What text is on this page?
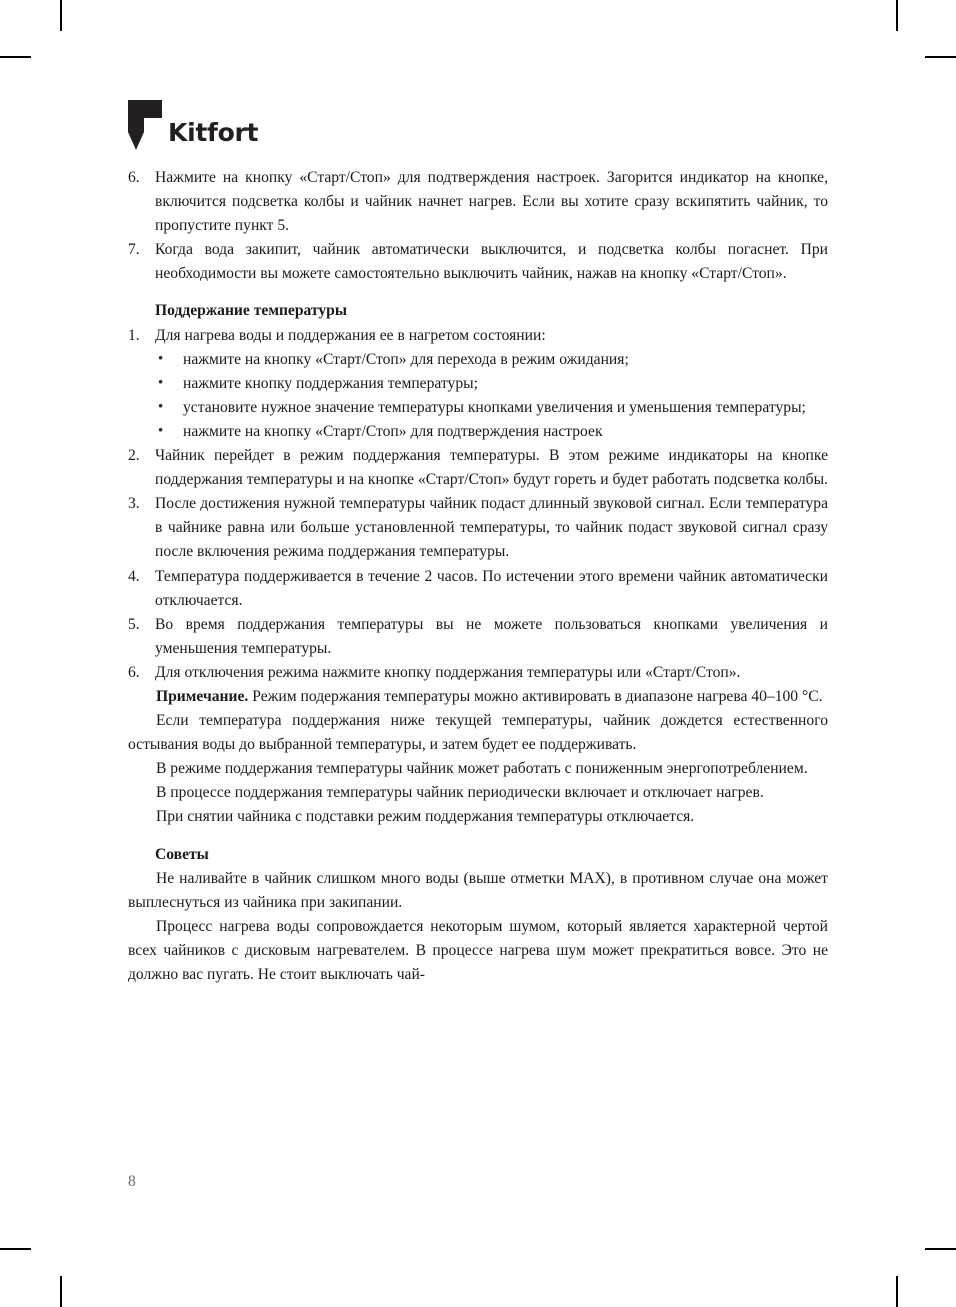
Kitfort
6. Нажмите на кнопку «Старт/Стоп» для подтверждения настроек. Загорится индикатор на кнопке, включится подсветка колбы и чайник начнет нагрев. Если вы хотите сразу вскипятить чайник, то пропустите пункт 5.
7. Когда вода закипит, чайник автоматически выключится, и подсветка колбы погаснет. При необходимости вы можете самостоятельно выключить чайник, нажав на кнопку «Старт/Стоп».
Поддержание температуры
1. Для нагрева воды и поддержания ее в нагретом состоянии:
• нажмите на кнопку «Старт/Стоп» для перехода в режим ожидания;
• нажмите кнопку поддержания температуры;
• установите нужное значение температуры кнопками увеличения и уменьшения температуры;
• нажмите на кнопку «Старт/Стоп» для подтверждения настроек
2. Чайник перейдет в режим поддержания температуры. В этом режиме индикаторы на кнопке поддержания температуры и на кнопке «Старт/Стоп» будут гореть и будет работать подсветка колбы.
3. После достижения нужной температуры чайник подаст длинный звуковой сигнал. Если температура в чайнике равна или больше установленной температуры, то чайник подаст звуковой сигнал сразу после включения режима поддержания температуры.
4. Температура поддерживается в течение 2 часов. По истечении этого времени чайник автоматически отключается.
5. Во время поддержания температуры вы не можете пользоваться кнопками увеличения и уменьшения температуры.
6. Для отключения режима нажмите кнопку поддержания температуры или «Старт/Стоп».

Примечание. Режим подержания температуры можно активировать в диапазоне нагрева 40–100 °C.

Если температура поддержания ниже текущей температуры, чайник дождется естественного остывания воды до выбранной температуры, и затем будет ее поддерживать.

В режиме поддержания температуры чайник может работать с пониженным энергопотреблением.

В процессе поддержания температуры чайник периодически включает и отключает нагрев.

При снятии чайника с подставки режим поддержания температуры отключается.

Советы

Не наливайте в чайник слишком много воды (выше отметки MAX), в противном случае она может выплеснуться из чайника при закипании.

Процесс нагрева воды сопровождается некоторым шумом, который является характерной чертой всех чайников с дисковым нагревателем. В процессе нагрева шум может прекратиться вовсе. Это не должно вас пугать. Не стоит выключать чай-

8
